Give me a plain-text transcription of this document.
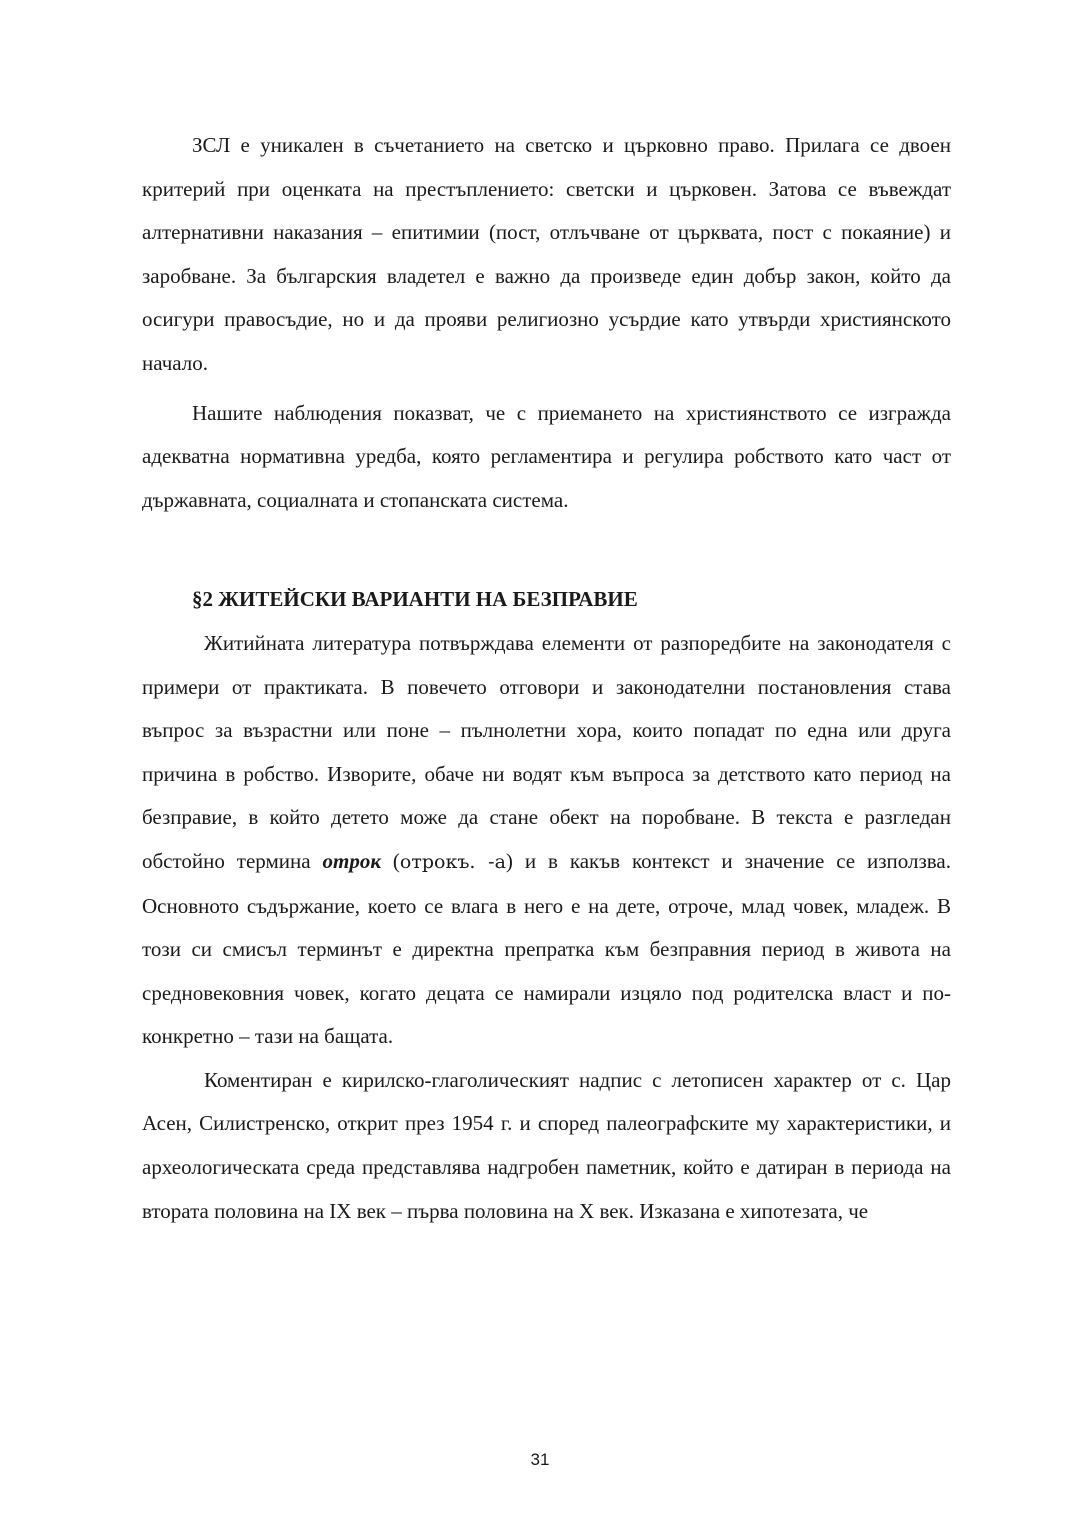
ЗСЛ е уникален в съчетанието на светско и църковно право. Прилага се двоен критерий при оценката на престъплението: светски и църковен. Затова се въвеждат алтернативни наказания – епитимии (пост, отлъчване от църквата, пост с покаяние) и заробване. За българския владетел е важно да произведе един добър закон, който да осигури правосъдие, но и да прояви религиозно усърдие като утвърди християнското начало.

Нашите наблюдения показват, че с приемането на християнството се изгражда адекватна нормативна уредба, която регламентира и регулира робството като част от държавната, социалната и стопанската система.

§2 ЖИТЕЙСКИ ВАРИАНТИ НА БЕЗПРАВИЕ

Житийната литература потвърждава елементи от разпоредбите на законодателя с примери от практиката. В повечето отговори и законодателни постановления става въпрос за възрастни или поне – пълнолетни хора, които попадат по една или друга причина в робство. Изворите, обаче ни водят към въпроса за детството като период на безправие, в който детето може да стане обект на поробване. В текста е разгледан обстойно термина отрок (отрокъ. -а) и в какъв контекст и значение се използва. Основното съдържание, което се влага в него е на дете, отроче, млад човек, младеж. В този си смисъл терминът е директна препратка към безправния период в живота на средновековния човек, когато децата се намирали изцяло под родителска власт и по-конкретно – тази на бащата.

Коментиран е кирилско-глаголическият надпис с летописен характер от с. Цар Асен, Силистренско, открит през 1954 г. и според палеографските му характеристики, и археологическата среда представлява надгробен паметник, който е датиран в периода на втората половина на IX век – първа половина на X век. Изказана е хипотезата, че

31
